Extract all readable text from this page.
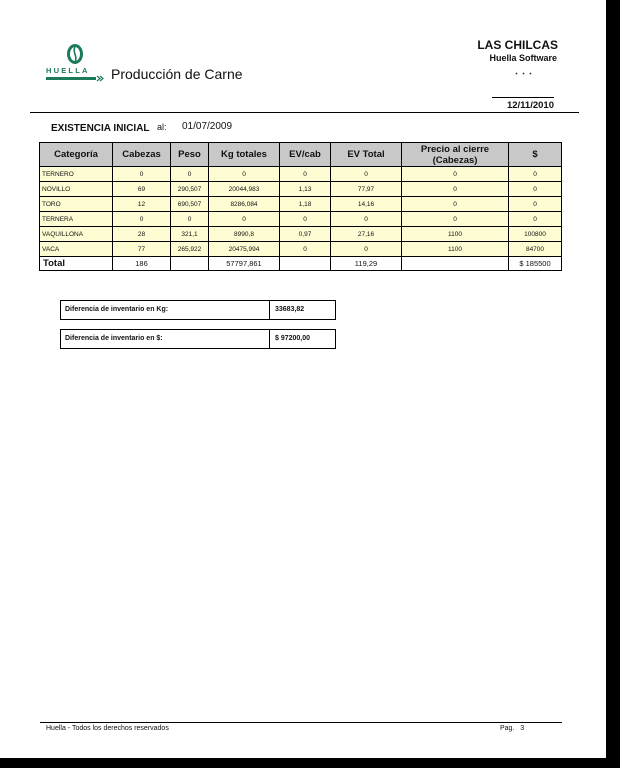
HUELLA Producción de Carne
LAS CHILCAS
Huella Software
12/11/2010
EXISTENCIA INICIAL al: 01/07/2009
Categoría	Cabezas	Peso	Kg totales	EV/cab	EV Total	Precio al cierre (Cabezas)	$
TERNERO	0	0	0	0	0	0	0
NOVILLO	69	290,507	20044,983	1,13	77,97	0	0
TORO	12	690,507	8286,084	1,18	14,16	0	0
TERNERA	0	0	0	0	0	0	0
VAQUILLONA	28	321,1	8990,8	0,97	27,16	1100	100800
VACA	77	265,922	20475,994	0	0	1100	84700
Total	186		57797,861		119,29		$ 185500
Diferencia de inventario en Kg:	33683,82
Diferencia de inventario en $:	$ 97200,00
Huella - Todos los derechos reservados	Pag. 3
